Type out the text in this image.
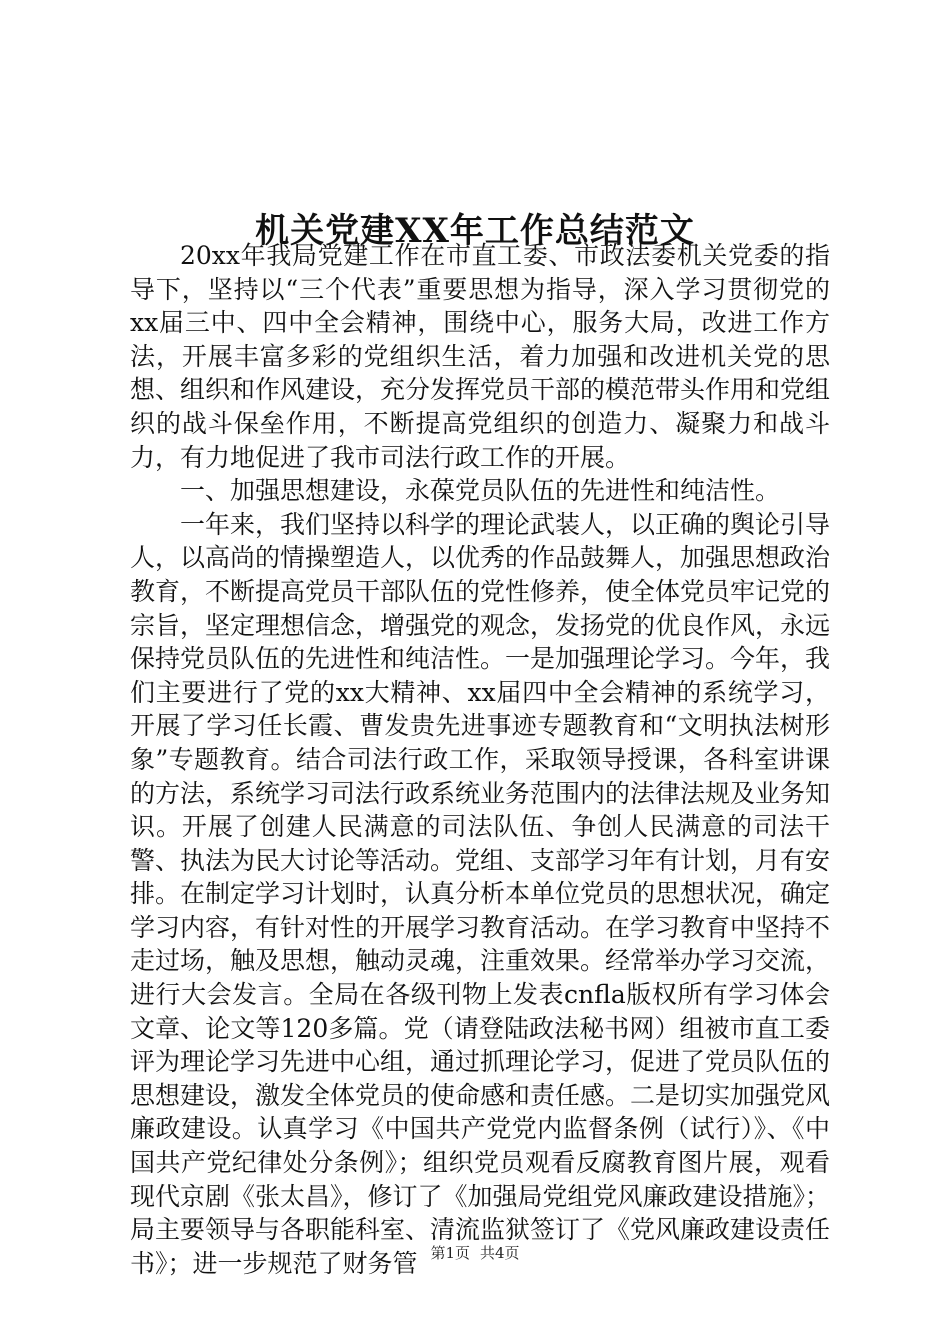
机关党建XX年工作总结范文

20xx年我局党建工作在市直工委、市政法委机关党委的指导下，坚持以“三个代表”重要思想为指导，深入学习贯彻党的xx届三中、四中全会精神，围绕中心，服务大局，改进工作方法，开展丰富多彩的党组织生活，着力加强和改进机关党的思想、组织和作风建设，充分发挥党员干部的模范带头作用和党组织的战斗保垒作用，不断提高党组织的创造力、凝聚力和战斗力，有力地促进了我市司法行政工作的开展。

一、加强思想建设，永葆党员队伍的先进性和纯洁性。

一年来，我们坚持以科学的理论武装人，以正确的舆论引导人，以高尚的情操塑造人，以优秀的作品鼓舞人，加强思想政治教育，不断提高党员干部队伍的党性修养，使全体党员牢记党的宗旨，坚定理想信念，增强党的观念，发扬党的优良作风，永远保持党员队伍的先进性和纯洁性。一是加强理论学习。今年，我们主要进行了党的xx大精神、xx届四中全会精神的系统学习，开展了学习任长霞、曹发贵先进事迹专题教育和“文明执法树形象”专题教育。结合司法行政工作，采取领导授课，各科室讲课的方法，系统学习司法行政系统业务范围内的法律法规及业务知识。开展了创建人民满意的司法队伍、争创人民满意的司法干警、执法为民大讨论等活动。党组、支部学习年有计划，月有安排。在制定学习计划时，认真分析本单位党员的思想状况，确定学习内容，有针对性的开展学习教育活动。在学习教育中坚持不走过场，触及思想，触动灵魂，注重效果。经常举办学习交流，进行大会发言。全局在各级刊物上发表cnfla版权所有学习体会文章、论文等120多篇。党（请登陆政法秘书网）组被市直工委评为理论学习先进中心组，通过抓理论学习，促进了党员队伍的思想建设，激发全体党员的使命感和责任感。二是切实加强党风廉政建设。认真学习《中国共产党党内监督条例（试行）》、《中国共产党纪律处分条例》；组织党员观看反腐教育图片展，观看现代京剧《张太昌》，修订了《加强局党组党风廉政建设措施》；局主要领导与各职能科室、清流监狱签订了《党风廉政建设责任书》；进一步规范了财务管 第1页 共4页
